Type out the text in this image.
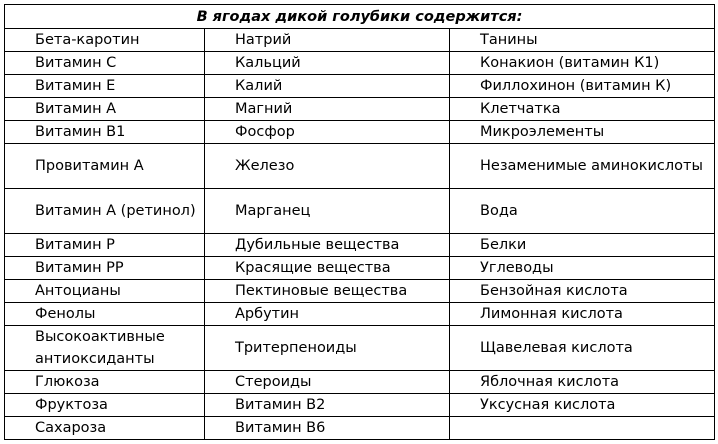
В ягодах дикой голубики содержится:		
Бета-каротин	Натрий	Танины
Витамин С	Кальций	Конакион (витамин К1)
Витамин Е	Калий	Филлохинон (витамин К)
Витамин А	Магний	Клетчатка
Витамин В1	Фосфор	Микроэлементы
Провитамин А	Железо	Незаменимые аминокислоты
Витамин А (ретинол)	Марганец	Вода
Витамин Р	Дубильные вещества	Белки
Витамин РР	Красящие вещества	Углеводы
Антоцианы	Пектиновые вещества	Бензойная кислота
Фенолы	Арбутин	Лимонная кислота
Высокоактивные антиоксиданты	Тритерпеноиды	Щавелевая кислота
Глюкоза	Стероиды	Яблочная кислота
Фруктоза	Витамин В2	Уксусная кислота
Сахароза	Витамин В6	
